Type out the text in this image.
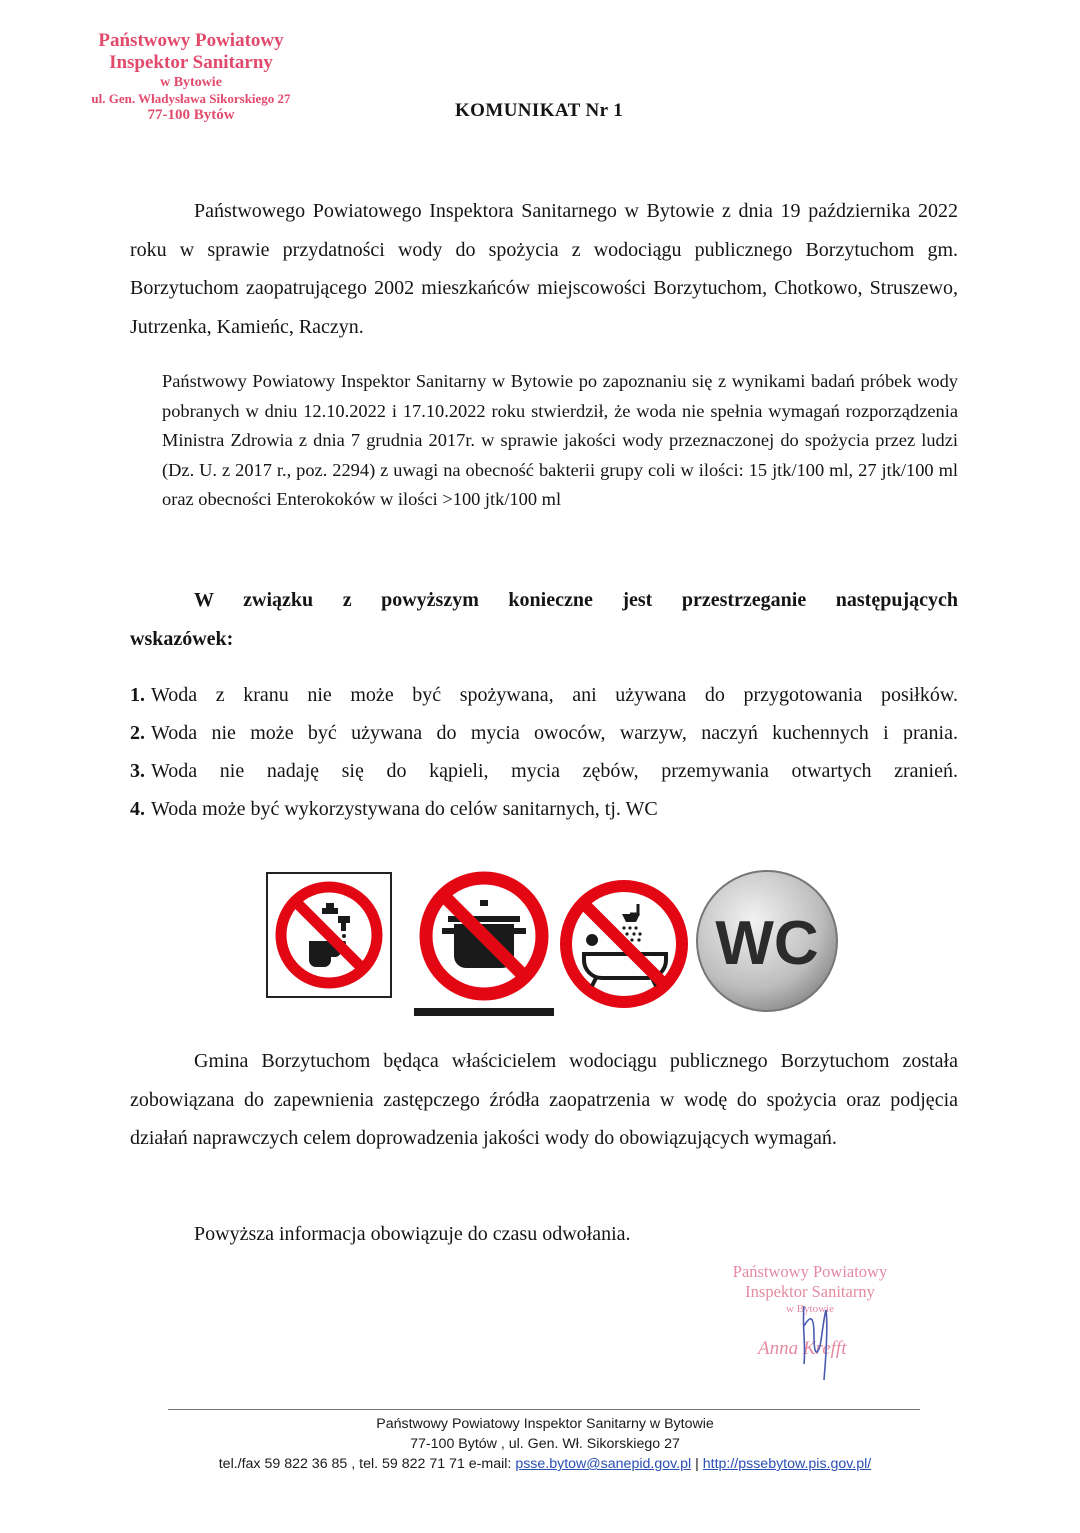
Państwowy Powiatowy
Inspektor Sanitarny
w Bytowie
ul. Gen. Władysława Sikorskiego 27
77-100 Bytów	KOMUNIKAT Nr 1
Państwowego Powiatowego Inspektora Sanitarnego w Bytowie z dnia 19 października 2022 roku w sprawie przydatności wody do spożycia z wodociągu publicznego Borzytuchom gm. Borzytuchom zaopatrującego 2002 mieszkańców miejscowości Borzytuchom, Chotkowo, Struszewo, Jutrzenka, Kamieńc, Raczyn.
Państwowy Powiatowy Inspektor Sanitarny w Bytowie po zapoznaniu się z wynikami badań próbek wody pobranych w dniu 12.10.2022 i 17.10.2022 roku stwierdził, że woda nie spełnia wymagań rozporządzenia Ministra Zdrowia z dnia 7 grudnia 2017r. w sprawie jakości wody przeznaczonej do spożycia przez ludzi (Dz. U. z 2017 r., poz. 2294) z uwagi na obecność bakterii grupy coli w ilości: 15 jtk/100 ml, 27 jtk/100 ml oraz obecności Enterokoków w ilości >100 jtk/100 ml
W związku z powyższym konieczne jest przestrzeganie następujących wskazówek:
1. Woda z kranu nie może być spożywana, ani używana do przygotowania posiłków.
2. Woda nie może być używana do mycia owoców, warzyw, naczyń kuchennych i prania.
3. Woda nie nadaję się do kąpieli, mycia zębów, przemywania otwartych zranień.
4. Woda może być wykorzystywana do celów sanitarnych, tj. WC
WC
Gmina Borzytuchom będąca właścicielem wodociągu publicznego Borzytuchom została zobowiązana do zapewnienia zastępczego źródła zaopatrzenia w wodę do spożycia oraz podjęcia działań naprawczych celem doprowadzenia jakości wody do obowiązujących wymagań.
Powyższa informacja obowiązuje do czasu odwołania.
Państwowy Powiatowy
Inspektor Sanitarny
w Bytowie
Anna Krefft
Państwowy Powiatowy Inspektor Sanitarny w Bytowie
77-100 Bytów , ul. Gen. Wł. Sikorskiego 27
tel./fax 59 822 36 85 , tel. 59 822 71 71 e-mail: psse.bytow@sanepid.gov.pl | http://pssebytow.pis.gov.pl/
